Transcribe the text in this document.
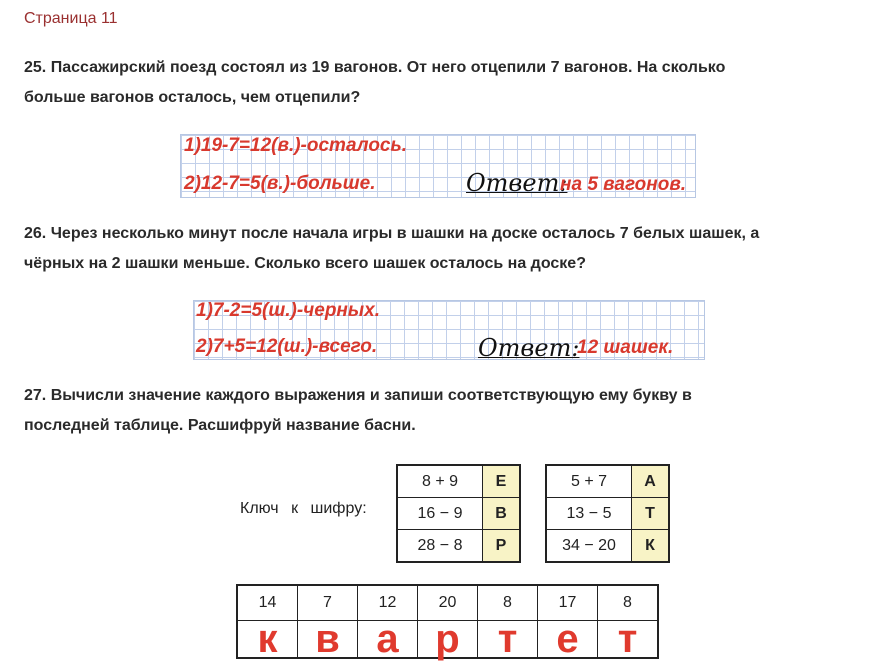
Страница 11
25. Пассажирский поезд состоял из 19 вагонов. От него отцепили 7 вагонов. На сколько
больше вагонов осталось, чем отцепили?
1)19-7=12(в.)-осталось.
2)12-7=5(в.)-больше.	Ответ:
на 5 вагонов.
26. Через несколько минут после начала игры в шашки на доске осталось 7 белых шашек, а
чёрных на 2 шашки меньше. Сколько всего шашек осталось на доске?
1)7-2=5(ш.)-черных.
2)7+5=12(ш.)-всего.	Ответ:
12 шашек.
27. Вычисли значение каждого выражения и запиши соответствующую ему букву в
последней таблице. Расшифруй название басни.
Ключ к шифру:
8 + 9	Е
16 − 9	В
28 − 8	Р
5 + 7	А
13 − 5	Т
34 − 20	К
14	7	12	20	8	17	8
к	в	а	р	т	е	т
